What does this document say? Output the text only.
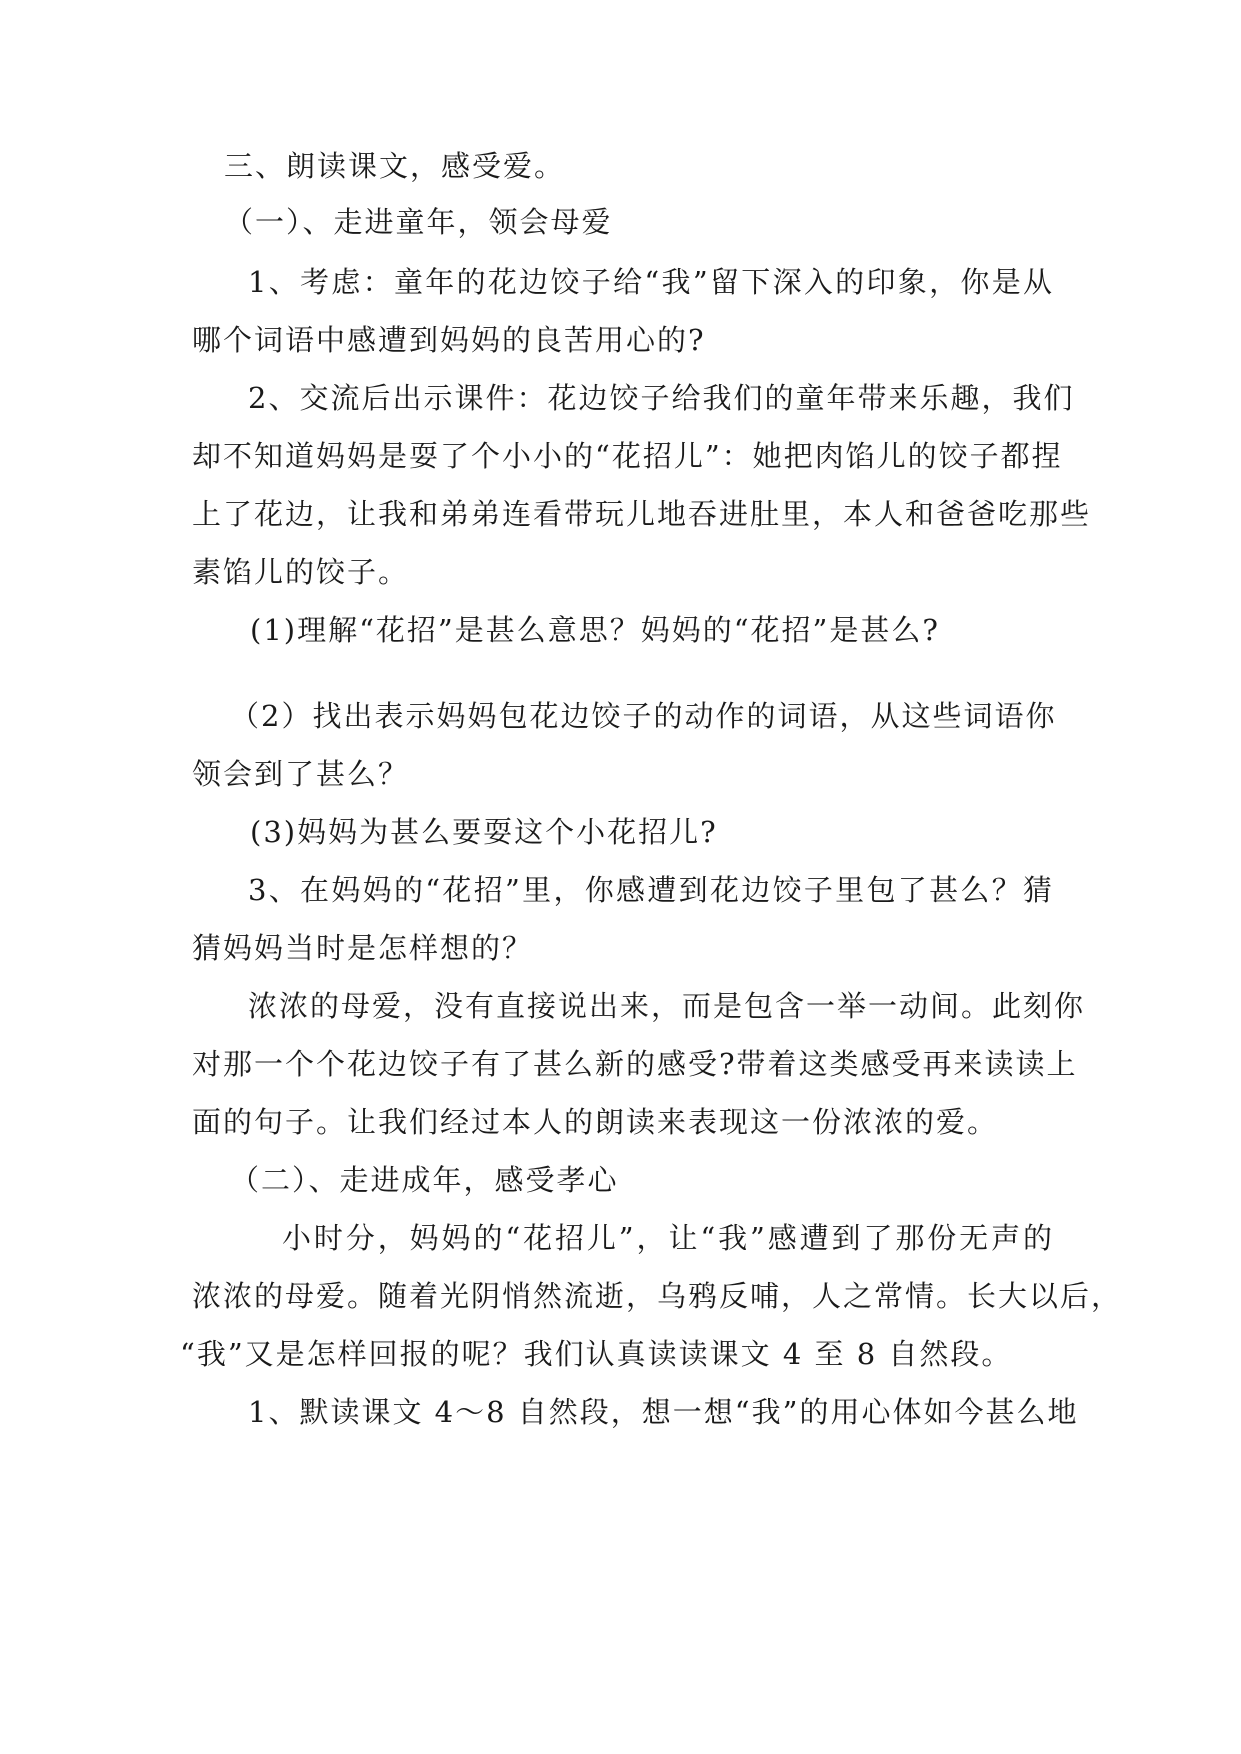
三、朗读课文，感受爱。
（一）、走进童年，领会母爱
1、考虑：童年的花边饺子给“我”留下深入的印象，你是从
哪个词语中感遭到妈妈的良苦用心的?
2、交流后出示课件：花边饺子给我们的童年带来乐趣，我们
却不知道妈妈是耍了个小小的“花招儿”：她把肉馅儿的饺子都捏
上了花边，让我和弟弟连看带玩儿地吞进肚里，本人和爸爸吃那些
素馅儿的饺子。
(1)理解“花招”是甚么意思？妈妈的“花招”是甚么?
（2）找出表示妈妈包花边饺子的动作的词语，从这些词语你
领会到了甚么？
(3)妈妈为甚么要耍这个小花招儿?
3、在妈妈的“花招”里，你感遭到花边饺子里包了甚么？猜
猜妈妈当时是怎样想的？
浓浓的母爱，没有直接说出来，而是包含一举一动间。此刻你
对那一个个花边饺子有了甚么新的感受?带着这类感受再来读读上
面的句子。让我们经过本人的朗读来表现这一份浓浓的爱。
（二）、走进成年，感受孝心
小时分，妈妈的“花招儿”，让“我”感遭到了那份无声的
浓浓的母爱。随着光阴悄然流逝，乌鸦反哺，人之常情。长大以后，
“我”又是怎样回报的呢？我们认真读读课文 4 至 8 自然段。
1、默读课文 4～8 自然段，想一想“我”的用心体如今甚么地
